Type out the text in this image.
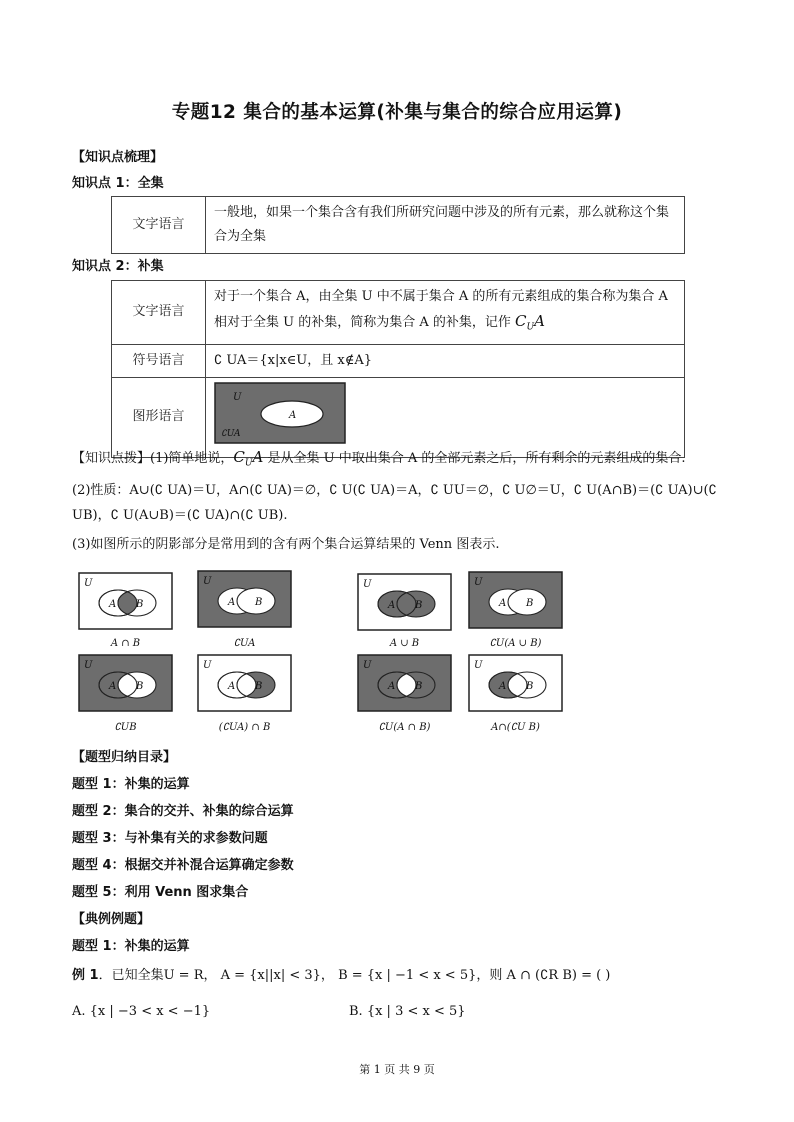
专题12 集合的基本运算(补集与集合的综合应用运算)
【知识点梳理】
知识点 1：全集
文字语言	一般地，如果一个集合含有我们所研究问题中涉及的所有元素，那么就称这个集合为全集
知识点 2：补集
文字语言	对于一个集合 A，由全集 U 中不属于集合 A 的所有元素组成的集合称为集合 A 相对于全集 U 的补集，简称为集合 A 的补集，记作 $C_UA$
符号语言	∁ UA＝{x|x∈U，且 x∉A}
图形语言	U
A
∁UA
【知识点拨】(1)简单地说，$C_UA$ 是从全集 U 中取出集合 A 的全部元素之后，所有剩余的元素组成的集合.
(2)性质：A∪(∁ UA)＝U，A∩(∁ UA)＝∅，∁ U(∁ UA)＝A，∁ UU＝∅，∁ U∅＝U，∁ U(A∩B)＝(∁ UA)∪(∁
UB)，∁ U(A∪B)＝(∁ UA)∩(∁ UB).
(3)如图所示的阴影部分是常用到的含有两个集合运算结果的 Venn 图表示.
U
A B
A ∩ B
U
A B
∁UA
U
A B
A ∪ B
U
A B
∁U(A ∪ B)
U
A B
∁UB
U
A B
(∁UA) ∩ B
U
A B
∁U(A ∩ B)
U
A B
A∩(∁U B)
【题型归纳目录】
题型 1：补集的运算
题型 2：集合的交并、补集的综合运算
题型 3：与补集有关的求参数问题
题型 4：根据交并补混合运算确定参数
题型 5：利用 Venn 图求集合
【典例例题】
题型 1：补集的运算
例 1．已知全集U = R， A = {x||x| < 3}， B = {x | −1 < x < 5}，则 A ∩ (∁R B) = ( )
A. {x | −3 < x < −1}	B. {x | 3 < x < 5}
第 1 页 共 9 页
